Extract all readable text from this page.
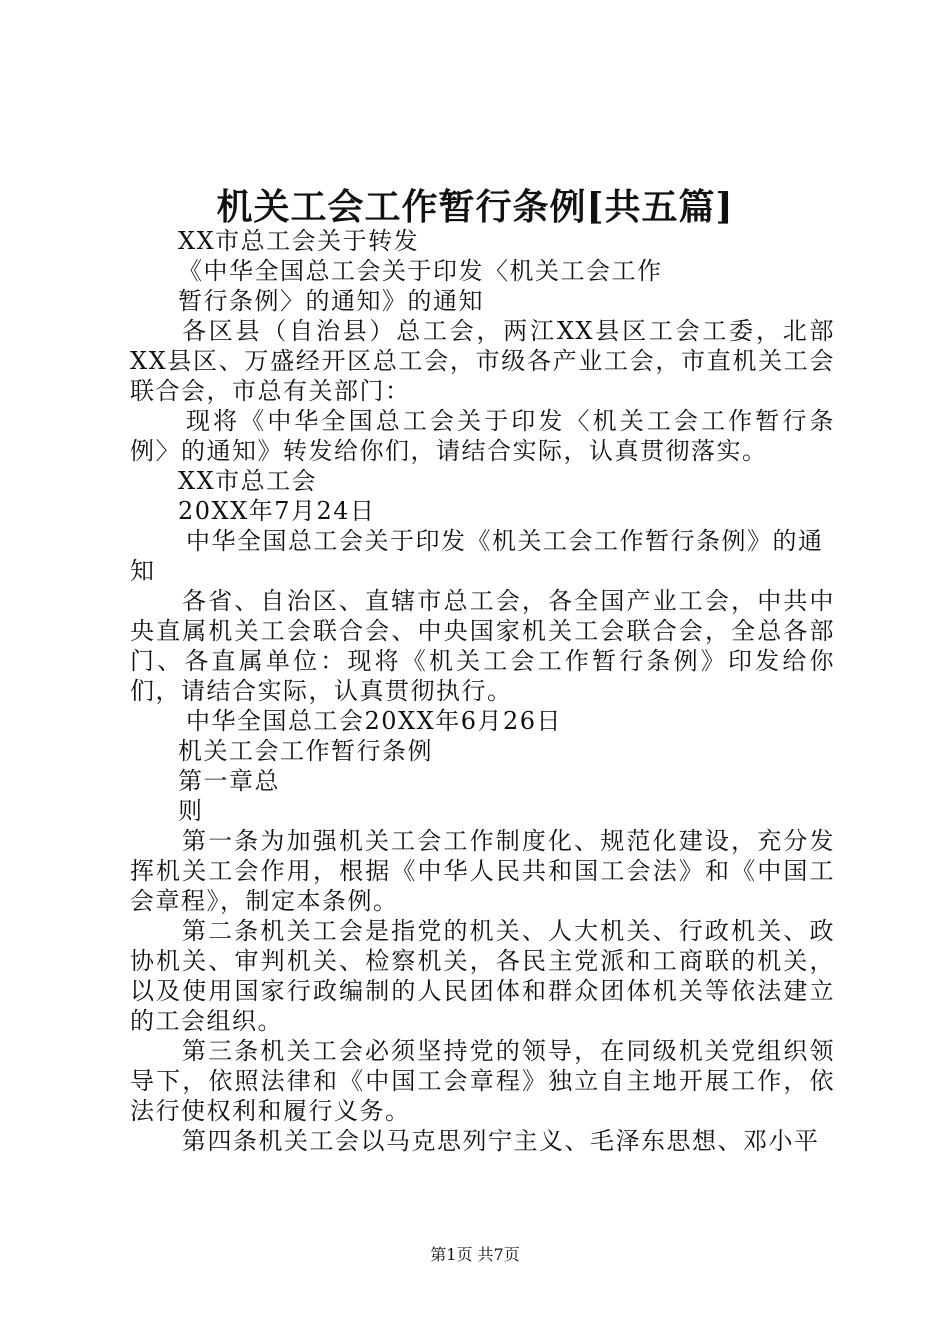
机关工会工作暂行条例[共五篇]
XX市总工会关于转发
《中华全国总工会关于印发〈机关工会工作
暂行条例〉的通知》的通知

各区县（自治县）总工会，两江XX县区工会工委，北部XX县区、万盛经开区总工会，市级各产业工会，市直机关工会联合会，市总有关部门：

现将《中华全国总工会关于印发〈机关工会工作暂行条例〉的通知》转发给你们，请结合实际，认真贯彻落实。

XX市总工会
20XX年7月24日
中华全国总工会关于印发《机关工会工作暂行条例》的通
知

各省、自治区、直辖市总工会，各全国产业工会，中共中央直属机关工会联合会、中央国家机关工会联合会，全总各部门、各直属单位：现将《机关工会工作暂行条例》印发给你们，请结合实际，认真贯彻执行。

中华全国总工会20XX年6月26日
机关工会工作暂行条例
第一章总
则

第一条为加强机关工会工作制度化、规范化建设，充分发挥机关工会作用，根据《中华人民共和国工会法》和《中国工会章程》，制定本条例。

第二条机关工会是指党的机关、人大机关、行政机关、政协机关、审判机关、检察机关，各民主党派和工商联的机关，以及使用国家行政编制的人民团体和群众团体机关等依法建立的工会组织。

第三条机关工会必须坚持党的领导，在同级机关党组织领导下，依照法律和《中国工会章程》独立自主地开展工作，依法行使权利和履行义务。

第四条机关工会以马克思列宁主义、毛泽东思想、邓小平

第1页 共7页
